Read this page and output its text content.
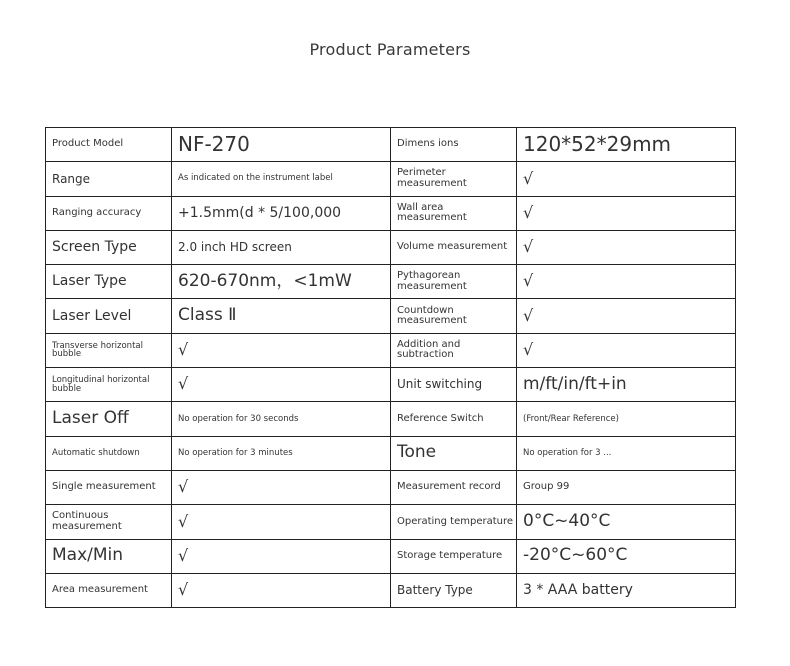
Product Parameters
Product Model	NF-270	Dimens ions	120*52*29mm
Range	As indicated on the instrument label	Perimeter measurement	√
Ranging accuracy	+1.5mm(d * 5/100,000	Wall area measurement	√
Screen Type	2.0 inch HD screen	Volume measurement	√
Laser Type	620-670nm，<1mW	Pythagorean measurement	√
Laser Level	Class Ⅱ	Countdown measurement	√
Transverse horizontal bubble	√	Addition and subtraction	√
Longitudinal horizontal bubble	√	Unit switching	m/ft/in/ft+in
Laser Off	No operation for 30 seconds	Reference Switch	(Front/Rear Reference)
Automatic shutdown	No operation for 3 minutes	Tone	No operation for 3 ...
Single measurement	√	Measurement record	Group 99
Continuous measurement	√	Operating temperature	0°C~40°C
Max/Min	√	Storage temperature	-20°C~60°C
Area measurement	√	Battery Type	3 * AAA battery
